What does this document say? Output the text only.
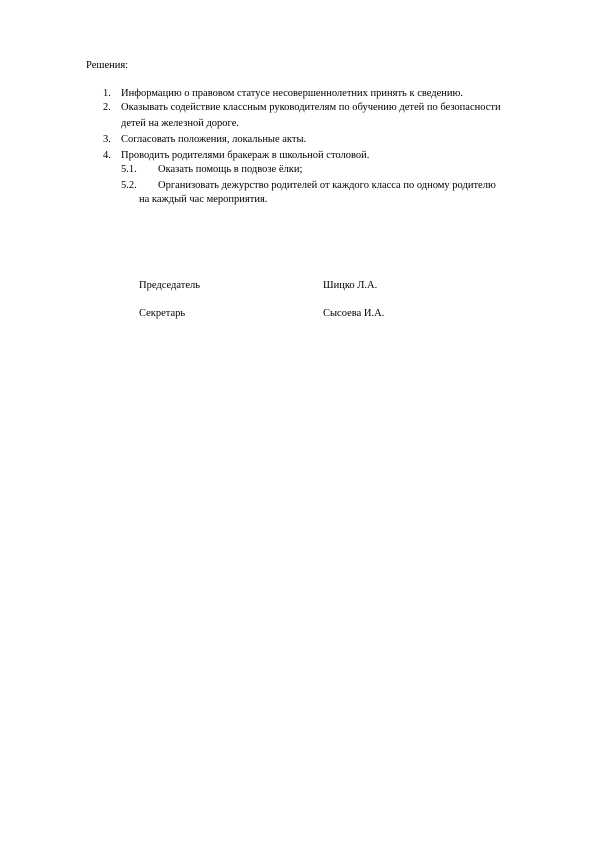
Решения:
1. Информацию о правовом статусе несовершеннолетних принять к сведению.
2. Оказывать содействие классным руководителям по обучению детей по безопасности
детей на железной дороге.
3. Согласовать положения, локальные акты.
4. Проводить родителями бракераж в школьной столовой.
5.1. Оказать помощь в подвозе ёлки;
5.2. Организовать дежурство родителей от каждого класса по одному родителю
на каждый час мероприятия.
Председатель	Шицко Л.А.
Секретарь	Сысоева И.А.
